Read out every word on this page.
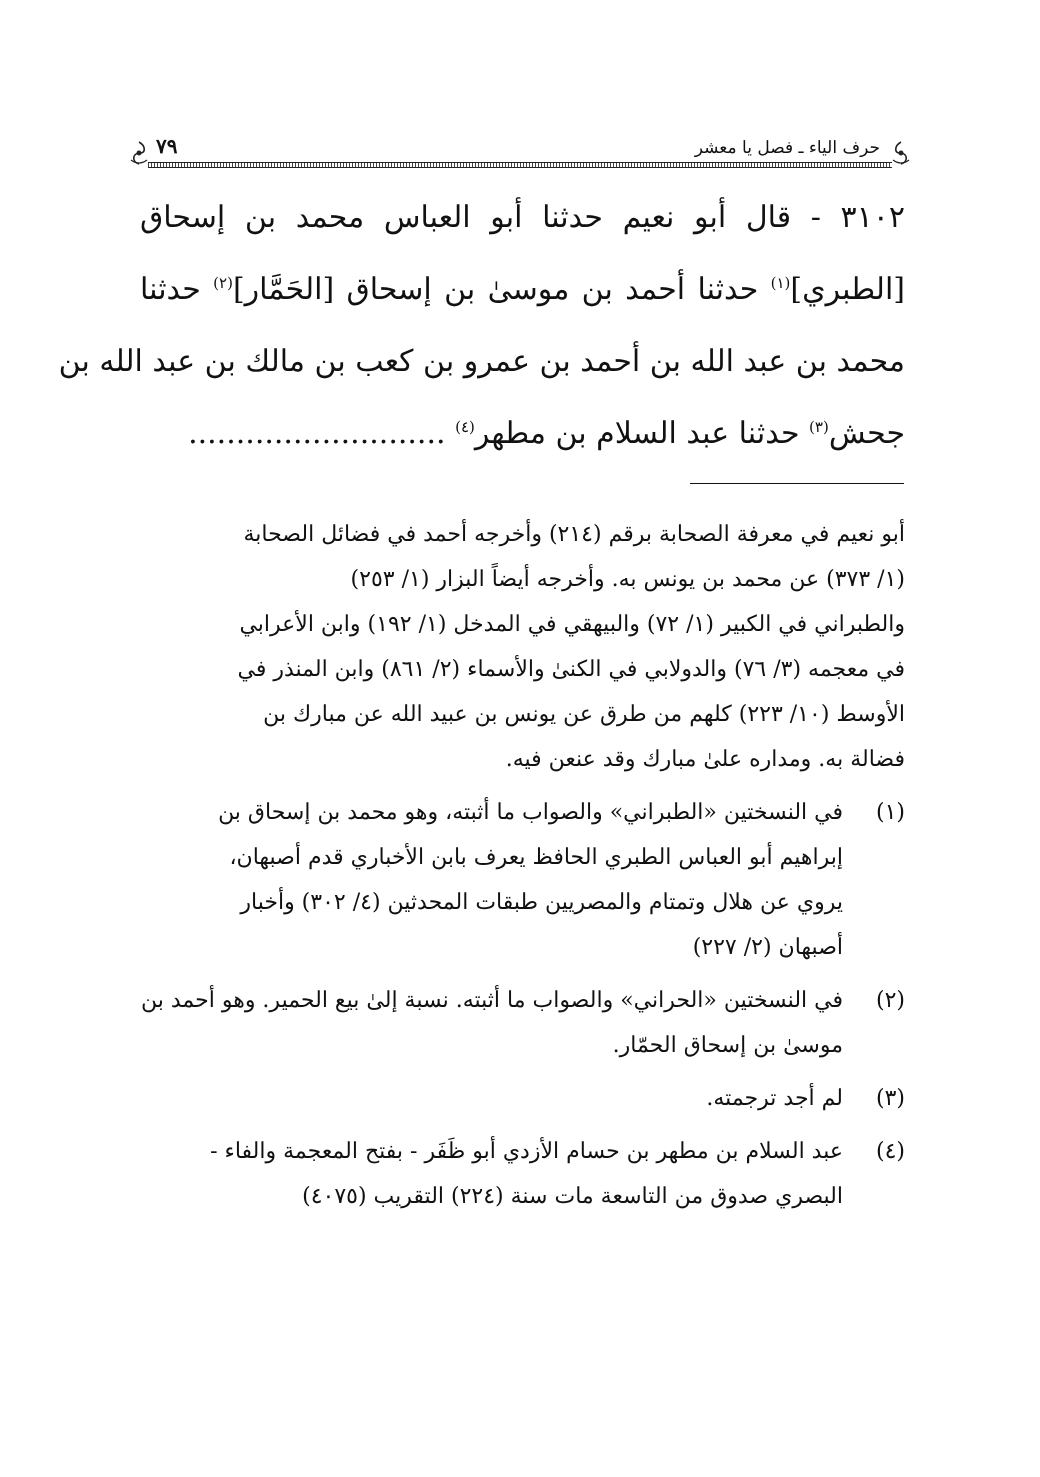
حرف الياء ـ فصل يا معشر
٧٩
٣١٠٢ - قال أبو نعيم حدثنا أبو العباس محمد بن إسحاق
[الطبري]$^{(١)}$ حدثنا أحمد بن موسىٰ بن إسحاق [الحَمَّار]$^{(٢)}$ حدثنا
محمد بن عبد الله بن أحمد بن عمرو بن كعب بن مالك بن عبد الله بن
جحش$^{(٣)}$ حدثنا عبد السلام بن مطهر$^{(٤)}$ ...........................
أبو نعيم في معرفة الصحابة برقم (٢١٤) وأخرجه أحمد في فضائل الصحابة
(١/ ٣٧٣) عن محمد بن يونس به. وأخرجه أيضاً البزار (١/ ٢٥٣)
والطبراني في الكبير (١/ ٧٢) والبيهقي في المدخل (١/ ١٩٢) وابن الأعرابي
في معجمه (٣/ ٧٦) والدولابي في الكنىٰ والأسماء (٢/ ٨٦١) وابن المنذر في
الأوسط (١٠/ ٢٢٣) كلهم من طرق عن يونس بن عبيد الله عن مبارك بن
فضالة به. ومداره علىٰ مبارك وقد عنعن فيه.
(١)
في النسختين «الطبراني» والصواب ما أثبته، وهو محمد بن إسحاق بن
إبراهيم أبو العباس الطبري الحافظ يعرف بابن الأخباري قدم أصبهان،
يروي عن هلال وتمتام والمصريين طبقات المحدثين (٤/ ٣٠٢) وأخبار
أصبهان (٢/ ٢٢٧)
(٢)
في النسختين «الحراني» والصواب ما أثبته. نسبة إلىٰ بيع الحمير. وهو أحمد بن
موسىٰ بن إسحاق الحمّار.
(٣)
لم أجد ترجمته.
(٤)
عبد السلام بن مطهر بن حسام الأزدي أبو ظَفَر - بفتح المعجمة والفاء -
البصري صدوق من التاسعة مات سنة (٢٢٤) التقريب (٤٠٧٥)
